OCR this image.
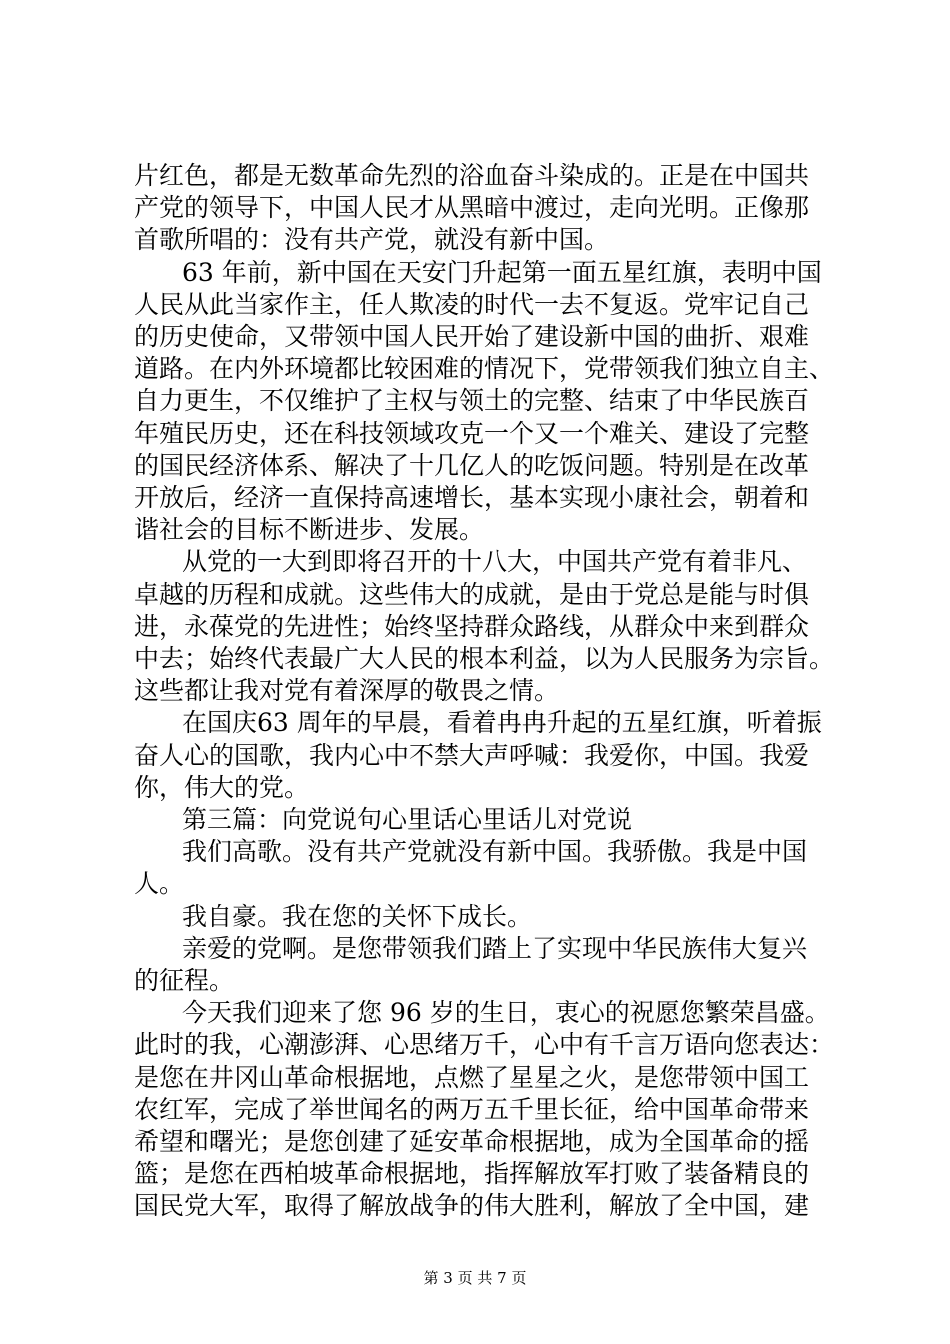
片红色，都是无数革命先烈的浴血奋斗染成的。正是在中国共
产党的领导下，中国人民才从黑暗中渡过，走向光明。正像那
首歌所唱的：没有共产党，就没有新中国。
63 年前，新中国在天安门升起第一面五星红旗，表明中国
人民从此当家作主，任人欺凌的时代一去不复返。党牢记自己
的历史使命，又带领中国人民开始了建设新中国的曲折、艰难
道路。在内外环境都比较困难的情况下，党带领我们独立自主、
自力更生，不仅维护了主权与领土的完整、结束了中华民族百
年殖民历史，还在科技领域攻克一个又一个难关、建设了完整
的国民经济体系、解决了十几亿人的吃饭问题。特别是在改革
开放后，经济一直保持高速增长，基本实现小康社会，朝着和
谐社会的目标不断进步、发展。
从党的一大到即将召开的十八大，中国共产党有着非凡、
卓越的历程和成就。这些伟大的成就，是由于党总是能与时俱
进，永葆党的先进性；始终坚持群众路线，从群众中来到群众
中去；始终代表最广大人民的根本利益，以为人民服务为宗旨。
这些都让我对党有着深厚的敬畏之情。
在国庆63 周年的早晨，看着冉冉升起的五星红旗，听着振
奋人心的国歌，我内心中不禁大声呼喊：我爱你，中国。我爱
你，伟大的党。
第三篇：向党说句心里话心里话儿对党说
我们高歌。没有共产党就没有新中国。我骄傲。我是中国
人。
我自豪。我在您的关怀下成长。
亲爱的党啊。是您带领我们踏上了实现中华民族伟大复兴
的征程。
今天我们迎来了您 96 岁的生日，衷心的祝愿您繁荣昌盛。
此时的我，心潮澎湃、心思绪万千，心中有千言万语向您表达：
是您在井冈山革命根据地，点燃了星星之火，是您带领中国工
农红军，完成了举世闻名的两万五千里长征，给中国革命带来
希望和曙光；是您创建了延安革命根据地，成为全国革命的摇
篮；是您在西柏坡革命根据地，指挥解放军打败了装备精良的
国民党大军，取得了解放战争的伟大胜利，解放了全中国，建
第 3 页 共 7 页
